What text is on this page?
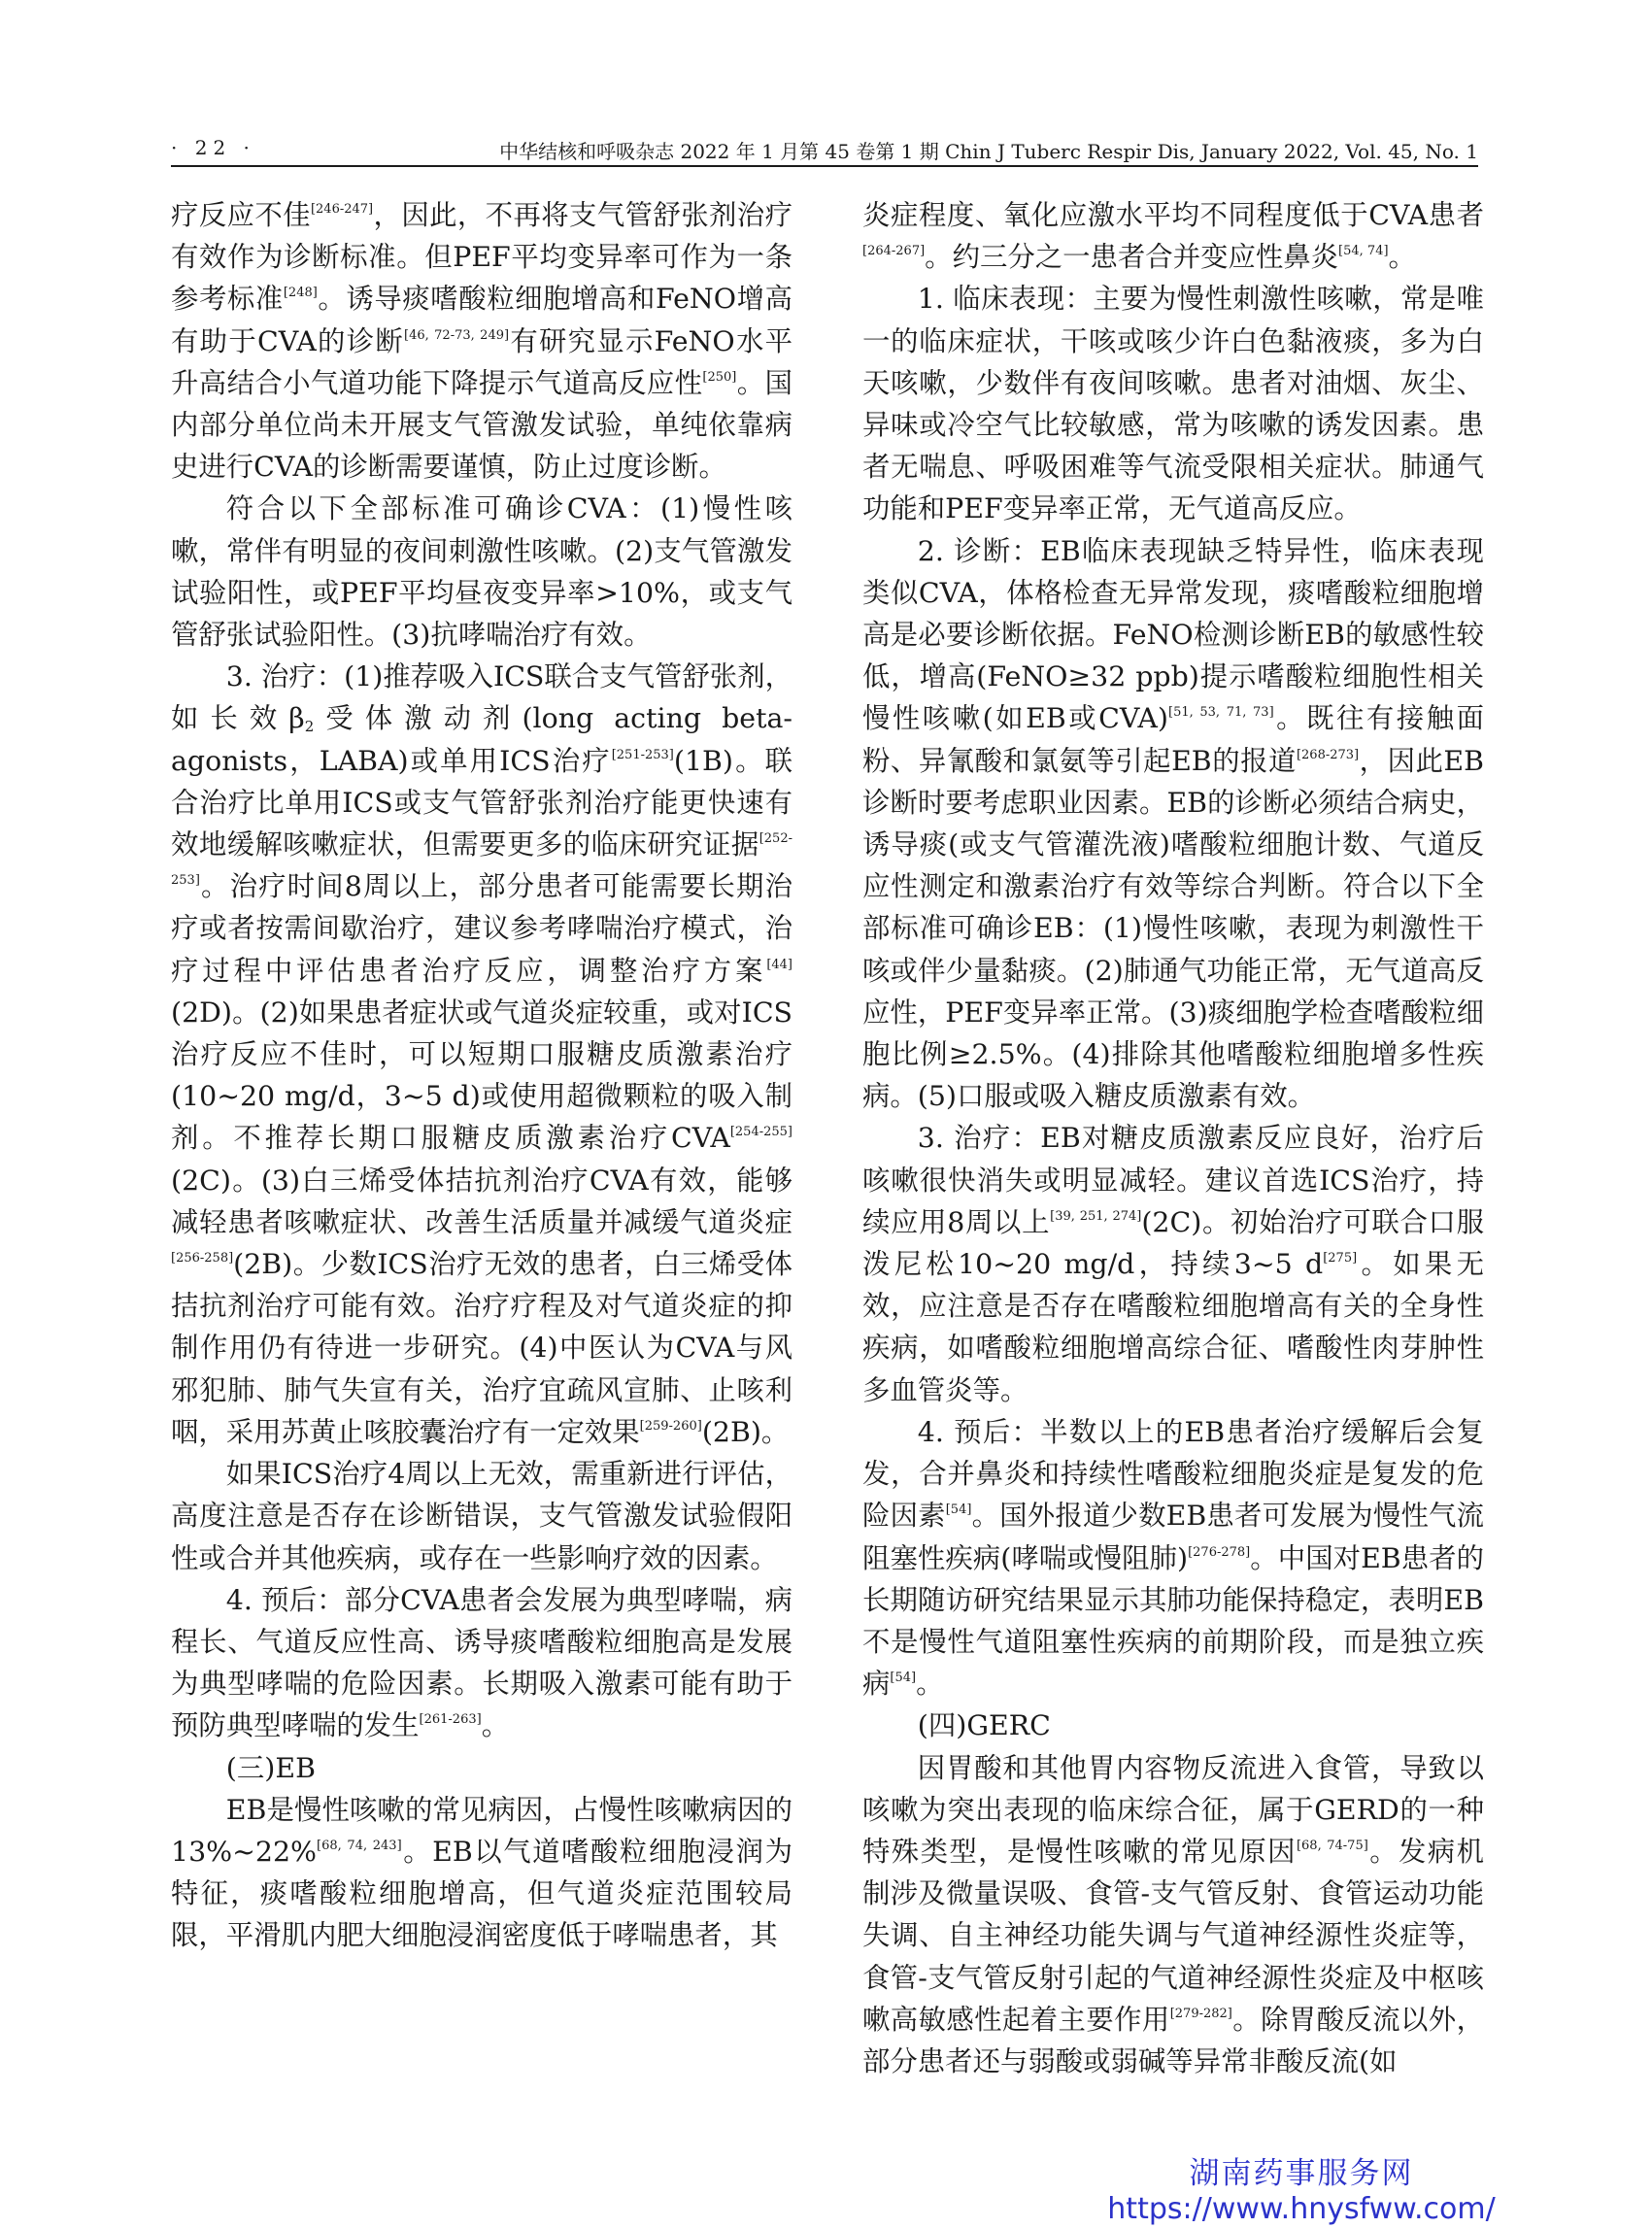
· 22 ·	中华结核和呼吸杂志 2022 年 1 月第 45 卷第 1 期 Chin J Tuberc Respir Dis, January 2022, Vol. 45, No. 1

疗反应不佳[246-247]，因此，不再将支气管舒张剂治疗有效作为诊断标准。但PEF平均变异率可作为一条参考标准[248]。诱导痰嗜酸粒细胞增高和FeNO增高有助于CVA的诊断[46, 72-73, 249]有研究显示FeNO水平升高结合小气道功能下降提示气道高反应性[250]。国内部分单位尚未开展支气管激发试验，单纯依靠病史进行CVA的诊断需要谨慎，防止过度诊断。

符合以下全部标准可确诊CVA：(1)慢性咳嗽，常伴有明显的夜间刺激性咳嗽。(2)支气管激发试验阳性，或PEF平均昼夜变异率>10%，或支气管舒张试验阳性。(3)抗哮喘治疗有效。

3. 治疗：(1)推荐吸入ICS联合支气管舒张剂，如长效$\beta_2$受体激动剂(long acting beta-agonists，LABA)或单用ICS治疗[251-253](1B)。联合治疗比单用ICS或支气管舒张剂治疗能更快速有效地缓解咳嗽症状，但需要更多的临床研究证据[252-253]。治疗时间8周以上，部分患者可能需要长期治疗或者按需间歇治疗，建议参考哮喘治疗模式，治疗过程中评估患者治疗反应，调整治疗方案[44](2D)。(2)如果患者症状或气道炎症较重，或对ICS治疗反应不佳时，可以短期口服糖皮质激素治疗(10~20 mg/d，3~5 d)或使用超微颗粒的吸入制剂。不推荐长期口服糖皮质激素治疗CVA[254-255](2C)。(3)白三烯受体拮抗剂治疗CVA有效，能够减轻患者咳嗽症状、改善生活质量并减缓气道炎症[256-258](2B)。少数ICS治疗无效的患者，白三烯受体拮抗剂治疗可能有效。治疗疗程及对气道炎症的抑制作用仍有待进一步研究。(4)中医认为CVA与风邪犯肺、肺气失宣有关，治疗宜疏风宣肺、止咳利咽，采用苏黄止咳胶囊治疗有一定效果[259-260](2B)。

如果ICS治疗4周以上无效，需重新进行评估，高度注意是否存在诊断错误，支气管激发试验假阳性或合并其他疾病，或存在一些影响疗效的因素。

4. 预后：部分CVA患者会发展为典型哮喘，病程长、气道反应性高、诱导痰嗜酸粒细胞高是发展为典型哮喘的危险因素。长期吸入激素可能有助于预防典型哮喘的发生[261-263]。

(三)EB

EB是慢性咳嗽的常见病因，占慢性咳嗽病因的13%~22%[68, 74, 243]。EB以气道嗜酸粒细胞浸润为特征，痰嗜酸粒细胞增高，但气道炎症范围较局限，平滑肌内肥大细胞浸润密度低于哮喘患者，其

炎症程度、氧化应激水平均不同程度低于CVA患者[264-267]。约三分之一患者合并变应性鼻炎[54, 74]。

1. 临床表现：主要为慢性刺激性咳嗽，常是唯一的临床症状，干咳或咳少许白色黏液痰，多为白天咳嗽，少数伴有夜间咳嗽。患者对油烟、灰尘、异味或冷空气比较敏感，常为咳嗽的诱发因素。患者无喘息、呼吸困难等气流受限相关症状。肺通气功能和PEF变异率正常，无气道高反应。

2. 诊断：EB临床表现缺乏特异性，临床表现类似CVA，体格检查无异常发现，痰嗜酸粒细胞增高是必要诊断依据。FeNO检测诊断EB的敏感性较低，增高(FeNO≥32 ppb)提示嗜酸粒细胞性相关慢性咳嗽(如EB或CVA)[51, 53, 71, 73]。既往有接触面粉、异氰酸和氯氨等引起EB的报道[268-273]，因此EB诊断时要考虑职业因素。EB的诊断必须结合病史，诱导痰(或支气管灌洗液)嗜酸粒细胞计数、气道反应性测定和激素治疗有效等综合判断。符合以下全部标准可确诊EB：(1)慢性咳嗽，表现为刺激性干咳或伴少量黏痰。(2)肺通气功能正常，无气道高反应性，PEF变异率正常。(3)痰细胞学检查嗜酸粒细胞比例≥2.5%。(4)排除其他嗜酸粒细胞增多性疾病。(5)口服或吸入糖皮质激素有效。

3. 治疗：EB对糖皮质激素反应良好，治疗后咳嗽很快消失或明显减轻。建议首选ICS治疗，持续应用8周以上[39, 251, 274](2C)。初始治疗可联合口服泼尼松10~20 mg/d，持续3~5 d[275]。如果无效，应注意是否存在嗜酸粒细胞增高有关的全身性疾病，如嗜酸粒细胞增高综合征、嗜酸性肉芽肿性多血管炎等。

4. 预后：半数以上的EB患者治疗缓解后会复发，合并鼻炎和持续性嗜酸粒细胞炎症是复发的危险因素[54]。国外报道少数EB患者可发展为慢性气流阻塞性疾病(哮喘或慢阻肺)[276-278]。中国对EB患者的长期随访研究结果显示其肺功能保持稳定，表明EB不是慢性气道阻塞性疾病的前期阶段，而是独立疾病[54]。

(四)GERC

因胃酸和其他胃内容物反流进入食管，导致以咳嗽为突出表现的临床综合征，属于GERD的一种特殊类型，是慢性咳嗽的常见原因[68, 74-75]。发病机制涉及微量误吸、食管-支气管反射、食管运动功能失调、自主神经功能失调与气道神经源性炎症等，食管-支气管反射引起的气道神经源性炎症及中枢咳嗽高敏感性起着主要作用[279-282]。除胃酸反流以外，部分患者还与弱酸或弱碱等异常非酸反流(如

湖南药事服务网
https://www.hnysfww.com/
